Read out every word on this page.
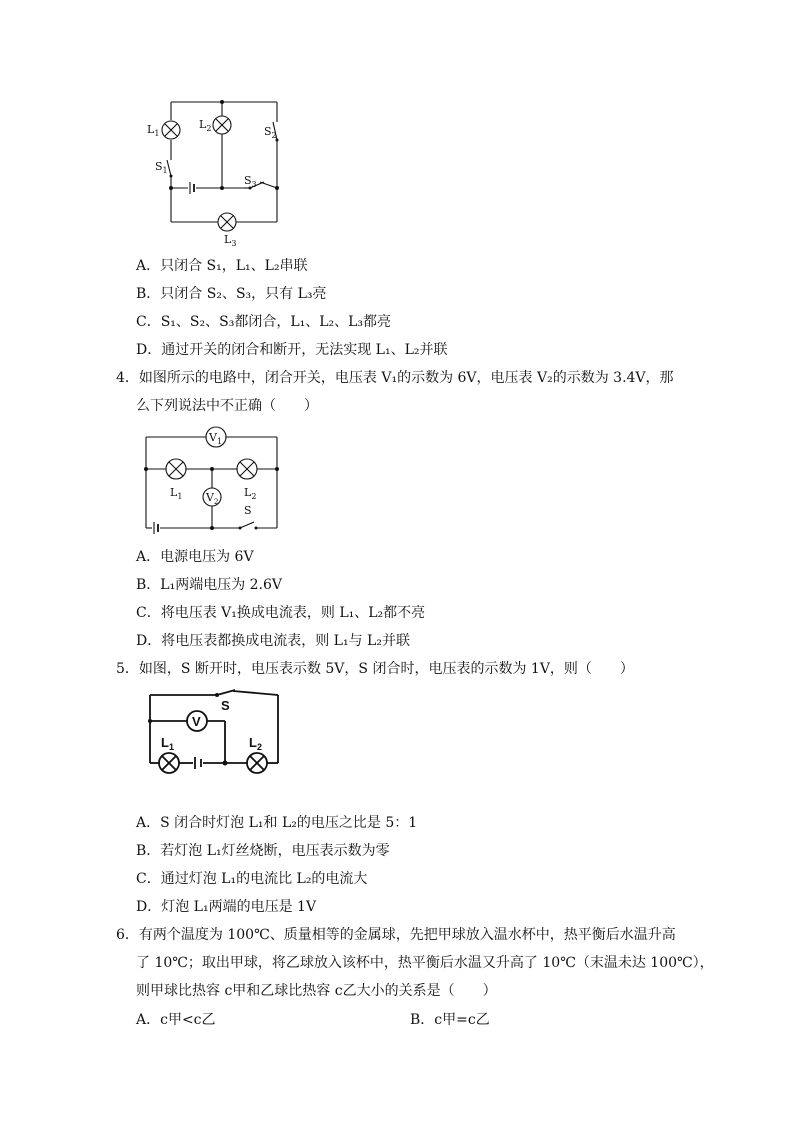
$L_1$
$L_2$
$L_3$
$S_1$
$S_2$
$S_3$
A．只闭合 S₁，L₁、L₂串联
B．只闭合 S₂、S₃，只有 L₃亮
C．S₁、S₂、S₃都闭合，L₁、L₂、L₃都亮
D．通过开关的闭合和断开，无法实现 L₁、L₂并联
4．如图所示的电路中，闭合开关，电压表 V₁的示数为 6V，电压表 V₂的示数为 3.4V，那
么下列说法中不正确（　　）
$V_1$
$V_2$
$L_1$	$L_2$
S
A．电源电压为 6V
B．L₁两端电压为 2.6V
C．将电压表 V₁换成电流表，则 L₁、L₂都不亮
D．将电压表都换成电流表，则 L₁与 L₂并联
5．如图，S 断开时，电压表示数 5V，S 闭合时，电压表的示数为 1V，则（　　）
V
S
$L_1$	$L_2$
A．S 闭合时灯泡 L₁和 L₂的电压之比是 5：1
B．若灯泡 L₁灯丝烧断，电压表示数为零
C．通过灯泡 L₁的电流比 L₂的电流大
D．灯泡 L₁两端的电压是 1V
6．有两个温度为 100℃、质量相等的金属球，先把甲球放入温水杯中，热平衡后水温升高
了 10℃；取出甲球，将乙球放入该杯中，热平衡后水温又升高了 10℃（末温未达 100℃），
则甲球比热容 c甲和乙球比热容 c乙大小的关系是（　　）
A．c甲<c乙	B．c甲=c乙
